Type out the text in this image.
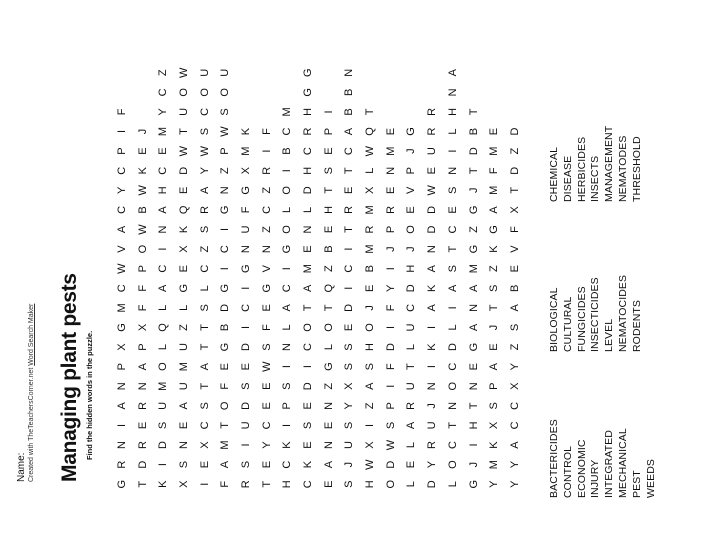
Name: Created with TheTeachersCorner.net Word Search Maker Managing plant pests Find the hidden words in the puzzle.
G
R
N
I
A
N
P
X
G
M
C
W
V
A
C
Y
C
P
I
F
T
D
R
E
R
N
A
P
X
F
F
P
O
W
B
W
K
E
J
K
I
D
S
U
M
O
L
Q
L
A
C
I
N
A
H
C
E
M
Y
C
Z
X
S
N
E
A
U
M
U
Z
L
G
E
X
K
Q
E
D
W
T
U
O
W
I
E
X
C
S
T
A
T
T
S
L
C
Z
S
R
A
Y
W
S
C
O
U
F
A
M
T
O
F
E
G
B
D
G
I
C
I
G
N
Z
P
W
S
O
U
R
S
I
U
D
S
E
D
I
C
I
G
N
U
F
G
X
M
K
T
E
Y
C
E
E
W
S
F
E
G
V
N
Z
C
Z
R
I
F
H
C
K
I
P
S
I
N
L
A
C
I
G
O
L
O
I
B
C
M
C
K
E
S
E
D
I
C
O
T
A
M
E
N
L
D
H
C
R
H
G
G
E
A
N
E
N
Z
G
L
O
T
Q
Z
B
E
H
T
S
E
P
I
S
J
U
S
Y
X
S
S
E
D
I
C
I
T
R
E
T
C
A
B
B
N
H
W
X
I
Z
A
S
H
O
J
E
B
M
R
M
X
L
W
Q
T
O
D
W
S
P
I
F
D
I
F
Y
I
J
P
R
E
N
M
E
L
E
L
A
R
U
T
L
U
C
D
H
J
O
E
V
P
J
G
D
Y
R
U
J
N
I
K
I
A
K
A
N
D
D
W
E
U
R
R
L
O
C
T
N
O
C
D
L
I
A
S
T
C
E
S
N
I
L
H
N
A
G
J
I
H
T
N
E
G
A
N
A
M
G
Z
G
J
T
D
B
T
Y
M
K
X
S
P
A
E
J
T
S
Z
K
G
A
M
F
M
E
Y
Y
A
C
C
X
Y
Z
S
A
B
E
V
F
X
T
D
Z
D
BACTERICIDES CONTROL ECONOMIC INJURY INTEGRATED MECHANICAL PEST WEEDS
BIOLOGICAL CULTURAL FUNGICIDES INSECTICIDES LEVEL NEMATOCIDES RODENTS
CHEMICAL DISEASE HERBICIDES INSECTS MANAGEMENT NEMATODES THRESHOLD
